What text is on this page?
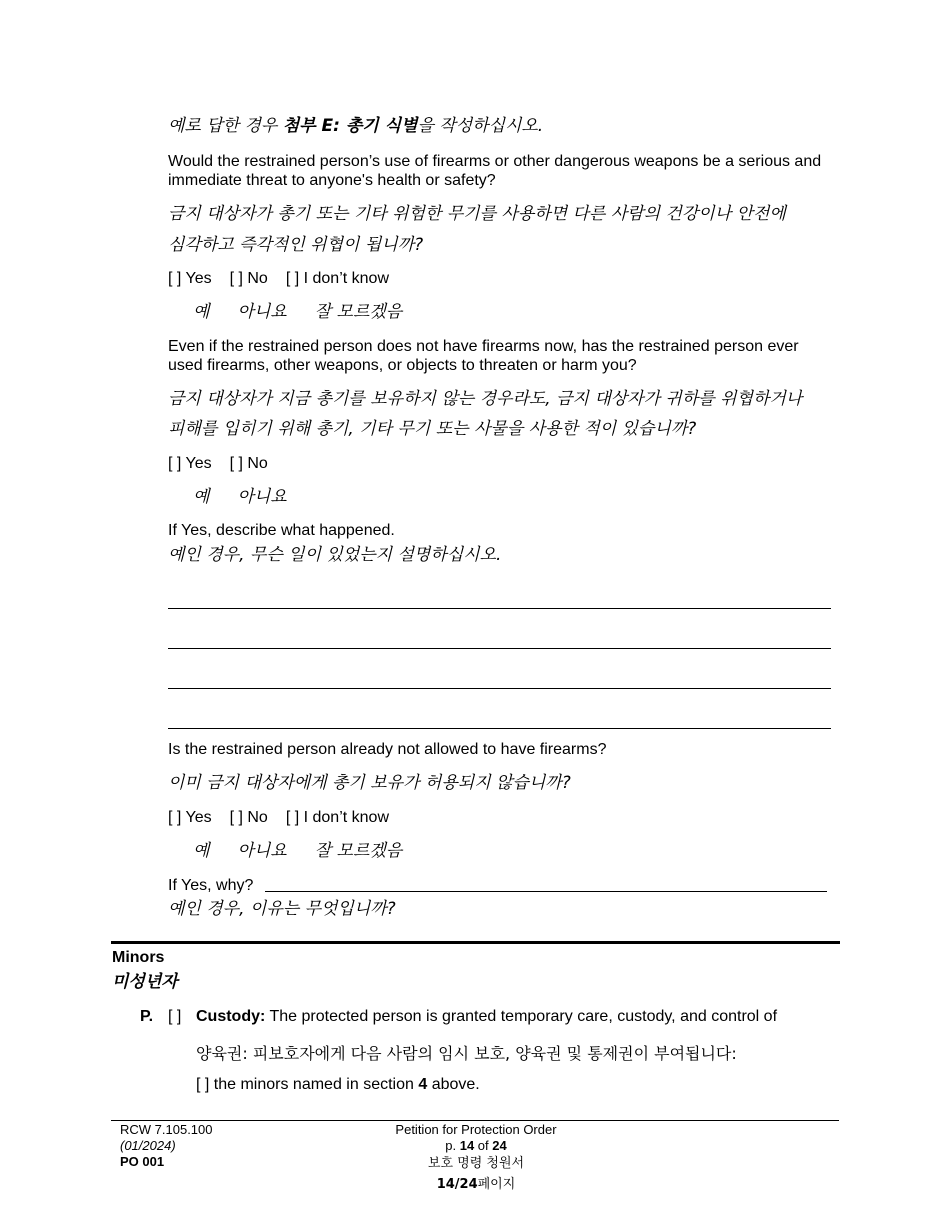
예로 답한 경우 첨부 E: 총기 식별을 작성하십시오.
Would the restrained person’s use of firearms or other dangerous weapons be a serious and immediate threat to anyone's health or safety?
금지 대상자가 총기 또는 기타 위험한 무기를 사용하면 다른 사람의 건강이나 안전에
심각하고 즉각적인 위협이 됩니까?
[ ] Yes [ ] No [ ] I don’t know
예 아니요 잘 모르겠음
Even if the restrained person does not have firearms now, has the restrained person ever used firearms, other weapons, or objects to threaten or harm you?
금지 대상자가 지금 총기를 보유하지 않는 경우라도, 금지 대상자가 귀하를 위협하거나
피해를 입히기 위해 총기, 기타 무기 또는 사물을 사용한 적이 있습니까?
[ ] Yes [ ] No
예 아니요
If Yes, describe what happened.
예인 경우, 무슨 일이 있었는지 설명하십시오.
Is the restrained person already not allowed to have firearms?
이미 금지 대상자에게 총기 보유가 허용되지 않습니까?
[ ] Yes [ ] No [ ] I don’t know
예 아니요 잘 모르겠음
If Yes, why?
예인 경우, 이유는 무엇입니까?
Minors
미성년자
P. [ ] Custody: The protected person is granted temporary care, custody, and control of
양육권: 피보호자에게 다음 사람의 임시 보호, 양육권 및 통제권이 부여됩니다:
[ ] the minors named in section 4 above.
RCW 7.105.100
(01/2024)
PO 001
Petition for Protection Order
p. 14 of 24
보호 명령 청원서
14/24페이지
